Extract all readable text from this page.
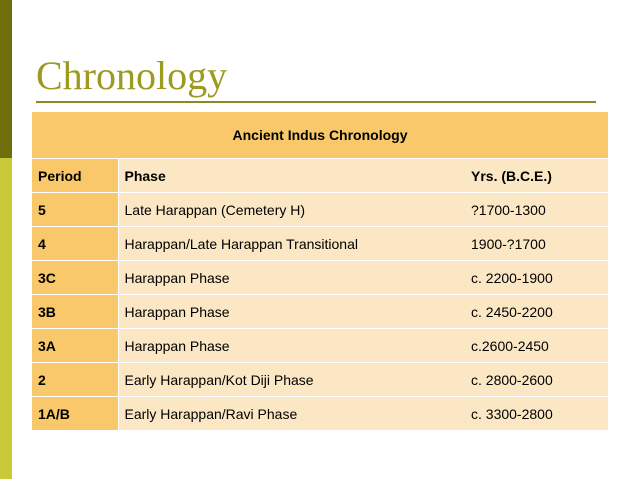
Chronology
Ancient Indus Chronology		
Period	Phase	Yrs. (B.C.E.)
5	Late Harappan (Cemetery H)	?1700-1300
4	Harappan/Late Harappan Transitional	1900-?1700
3C	Harappan Phase	c. 2200-1900
3B	Harappan Phase	c. 2450-2200
3A	Harappan Phase	c.2600-2450
2	Early Harappan/Kot Diji Phase	c. 2800-2600
1A/B	Early Harappan/Ravi Phase	c. 3300-2800
